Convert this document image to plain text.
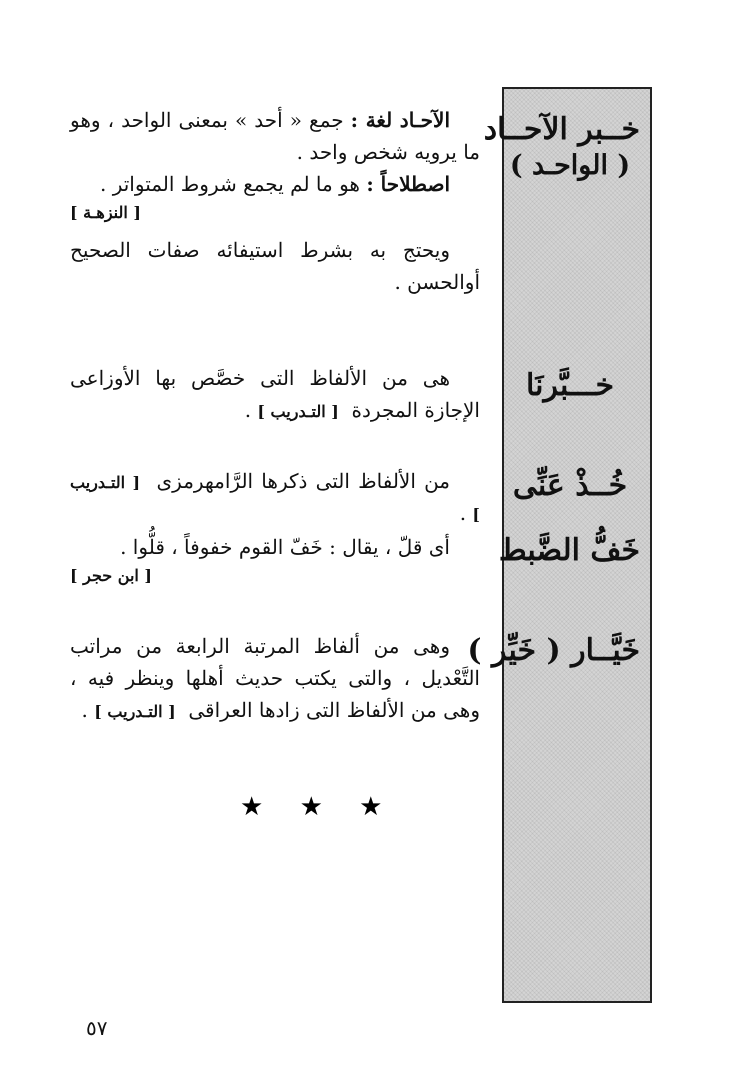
خــبر الآحــاد
( الواحـد )
خـــبَّرنَا
خُــذْ عَنِّى
خَفُّ الضَّبط
خَيَّــار ( خَيِّر )

الآحـاد لغة : جمع « أحد » بمعنى الواحد ، وهو ما يرويه شخص واحد .

اصطلاحاً : هو ما لم يجمع شروط المتواتر .

[ النزهـة ]

ويحتج به بشرط استيفائه صفات الصحيح أوالحسن .

هى من الألفاظ التى خصَّص بها الأوزاعى الإجازة المجردة  [ التـدريب ] .

من الألفاظ التى ذكرها الرَّامهرمزى  [ التـدريب ] .

أى قلّ ، يقال : خَفّ القوم خفوفاً ، قلُّوا .

[ ابن حجر ]

وهى من ألفاظ المرتبة الرابعة من مراتب التَّعْديل ، والتى يكتب حديث أهلها وينظر فيه ، وهى من الألفاظ التى زادها العراقى  [ التـدريب ] .

★ ★ ★
٥٧
